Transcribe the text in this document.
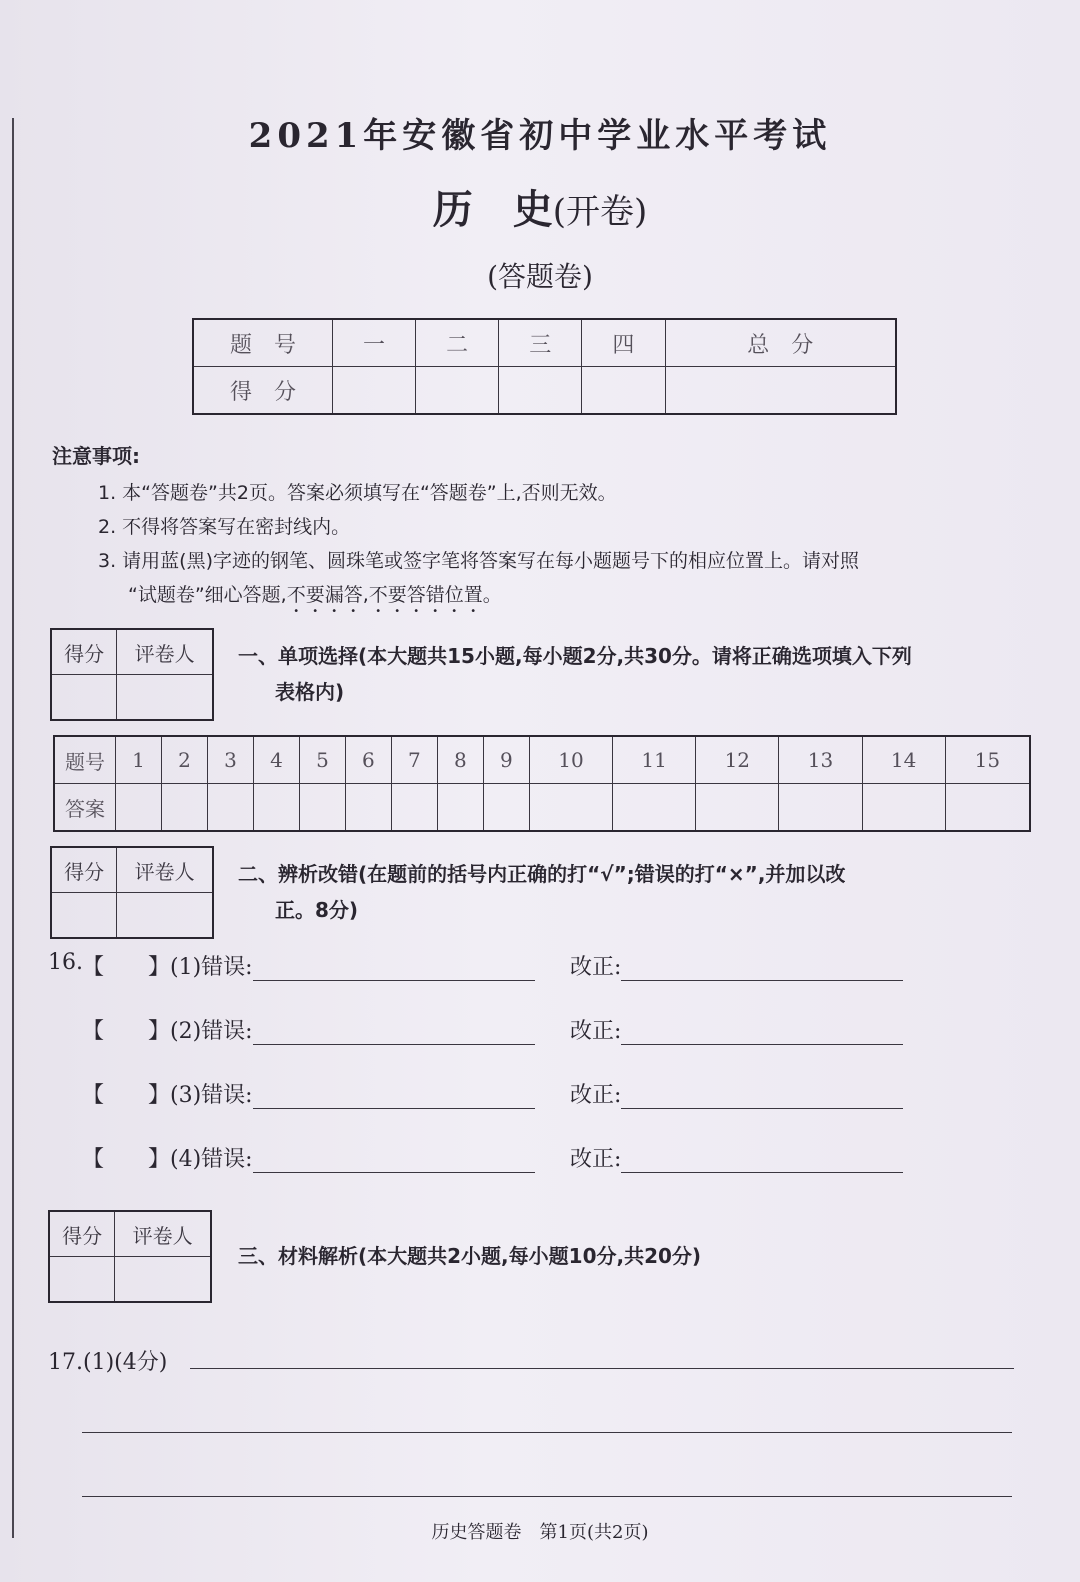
2021年安徽省初中学业水平考试
历　史(开卷)
(答题卷)
题　号	一	二	三	四	总　分
得　分					
注意事项:
1. 本“答题卷”共2页。答案必须填写在“答题卷”上,否则无效。
2. 不得将答案写在密封线内。
3. 请用蓝(黑)字迹的钢笔、圆珠笔或签字笔将答案写在每小题题号下的相应位置上。请对照
“试题卷”细心答题,不要漏答,不要答错位置。
得分	评卷人
	一、单项选择(本大题共15小题,每小题2分,共30分。请将正确选项填入下列
表格内)
题号	1	2	3	4	5	6	7	8	9	10	11	12	13	14	15
答案															
得分	评卷人
	二、辨析改错(在题前的括号内正确的打“√”;错误的打“×”,并加以改
正。8分)
16. 【　　】(1)错误:	改正:
【　　】(2)错误:	改正:
【　　】(3)错误:	改正:
【　　】(4)错误:	改正:
得分	评卷人

三、材料解析(本大题共2小题,每小题10分,共20分)
17.(1)(4分)
历史答题卷　第1页(共2页)
